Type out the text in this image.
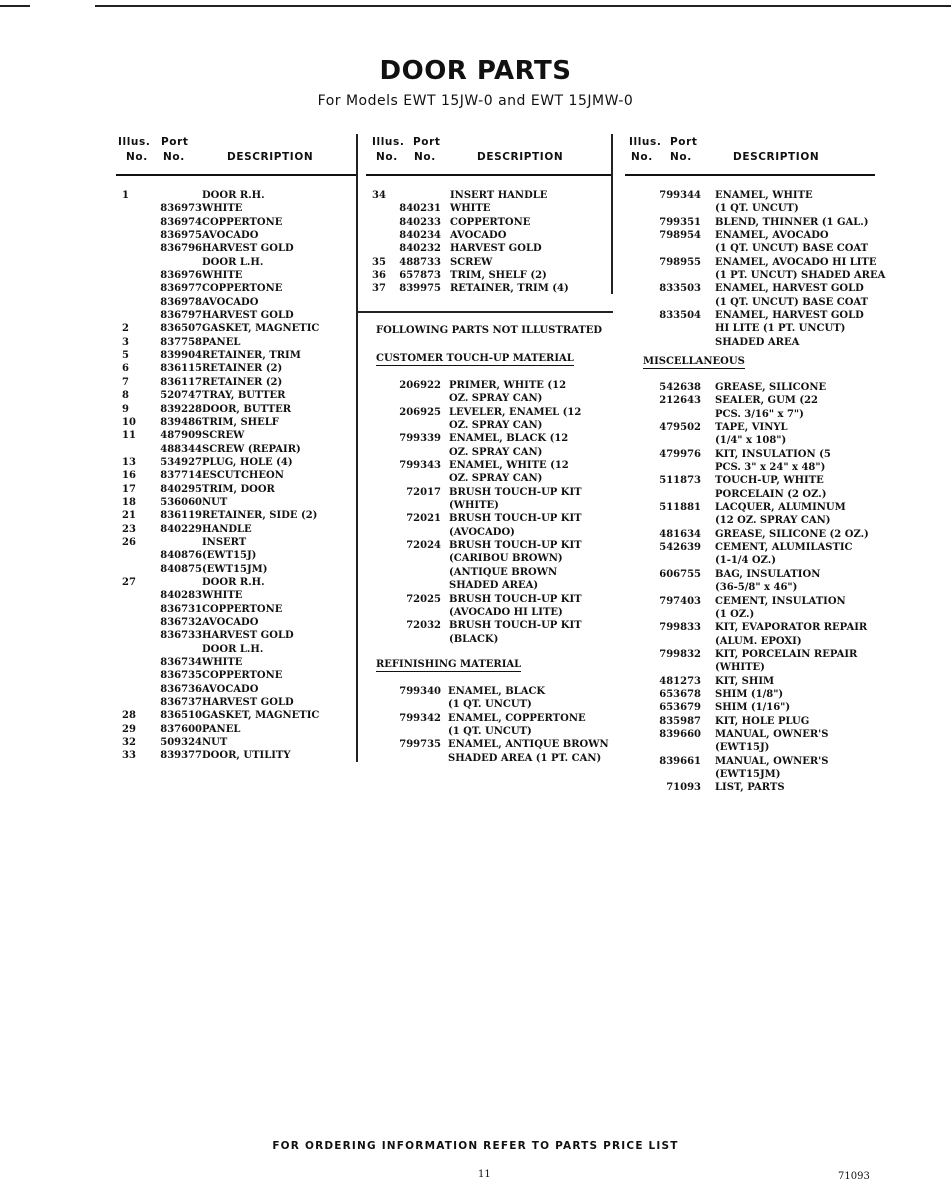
DOOR PARTS
For Models EWT 15JW-0 and EWT 15JMW-0
Illus. Port
No. No.	DESCRIPTION
1	DOOR R.H.
836973 WHITE
836974 COPPERTONE
836975 AVOCADO
836796 HARVEST GOLD
DOOR L.H.
836976 WHITE
836977 COPPERTONE
836978 AVOCADO
836797 HARVEST GOLD
2	836507 GASKET, MAGNETIC
3	837758 PANEL
5	839904 RETAINER, TRIM
6	836115 RETAINER (2)
7	836117 RETAINER (2)
8	520747 TRAY, BUTTER
9	839228 DOOR, BUTTER
10 839486 TRIM, SHELF
11 487909 SCREW
488344 SCREW (REPAIR)
13 534927 PLUG, HOLE (4)
16 837714 ESCUTCHEON
17 840295 TRIM, DOOR
18 536060 NUT
21 836119 RETAINER, SIDE (2)
23 840229 HANDLE
26	INSERT
840876 (EWT15J)
840875 (EWT15JM)
27	DOOR R.H.
840283 WHITE
836731 COPPERTONE
836732 AVOCADO
836733 HARVEST GOLD
DOOR L.H.
836734 WHITE
836735 COPPERTONE
836736 AVOCADO
836737 HARVEST GOLD
28 836510 GASKET, MAGNETIC
29 837600 PANEL
32 509324 NUT
33 839377 DOOR, UTILITY
Illus. Port
No. No.	DESCRIPTION
34	INSERT HANDLE
840231 WHITE
840233 COPPERTONE
840234 AVOCADO
840232 HARVEST GOLD
35 488733 SCREW
36 657873 TRIM, SHELF (2)
37 839975 RETAINER, TRIM (4)
FOLLOWING PARTS NOT ILLUSTRATED
CUSTOMER TOUCH-UP MATERIAL
206922 PRIMER, WHITE (12
OZ. SPRAY CAN)
206925 LEVELER, ENAMEL (12
OZ. SPRAY CAN)
799339 ENAMEL, BLACK (12
OZ. SPRAY CAN)
799343 ENAMEL, WHITE (12
OZ. SPRAY CAN)
72017 BRUSH TOUCH-UP KIT
(WHITE)
72021 BRUSH TOUCH-UP KIT
(AVOCADO)
72024 BRUSH TOUCH-UP KIT
(CARIBOU BROWN)
(ANTIQUE BROWN
SHADED AREA)
72025 BRUSH TOUCH-UP KIT
(AVOCADO HI LITE)
72032 BRUSH TOUCH-UP KIT
(BLACK)
REFINISHING MATERIAL
799340 ENAMEL, BLACK
(1 QT. UNCUT)
799342 ENAMEL, COPPERTONE
(1 QT. UNCUT)
799735 ENAMEL, ANTIQUE BROWN
SHADED AREA (1 PT. CAN)
Illus. Port
No. No.	DESCRIPTION
799344 ENAMEL, WHITE
(1 QT. UNCUT)
799351 BLEND, THINNER (1 GAL.)
798954 ENAMEL, AVOCADO
(1 QT. UNCUT) BASE COAT
798955 ENAMEL, AVOCADO HI LITE
(1 PT. UNCUT) SHADED AREA
833503 ENAMEL, HARVEST GOLD
(1 QT. UNCUT) BASE COAT
833504 ENAMEL, HARVEST GOLD
HI LITE (1 PT. UNCUT)
SHADED AREA
MISCELLANEOUS
542638 GREASE, SILICONE
212643 SEALER, GUM (22
PCS. 3/16" x 7")
479502 TAPE, VINYL
(1/4" x 108")
479976 KIT, INSULATION (5
PCS. 3" x 24" x 48")
511873 TOUCH-UP, WHITE
PORCELAIN (2 OZ.)
511881 LACQUER, ALUMINUM
(12 OZ. SPRAY CAN)
481634 GREASE, SILICONE (2 OZ.)
542639 CEMENT, ALUMILASTIC
(1-1/4 OZ.)
606755 BAG, INSULATION
(36-5/8" x 46")
797403 CEMENT, INSULATION
(1 OZ.)
799833 KIT, EVAPORATOR REPAIR
(ALUM. EPOXI)
799832 KIT, PORCELAIN REPAIR
(WHITE)
481273 KIT, SHIM
653678 SHIM (1/8")
653679 SHIM (1/16")
835987 KIT, HOLE PLUG
839660 MANUAL, OWNER'S
(EWT15J)
839661 MANUAL, OWNER'S
(EWT15JM)
71093 LIST, PARTS
FOR ORDERING INFORMATION REFER TO PARTS PRICE LIST
11	71093
